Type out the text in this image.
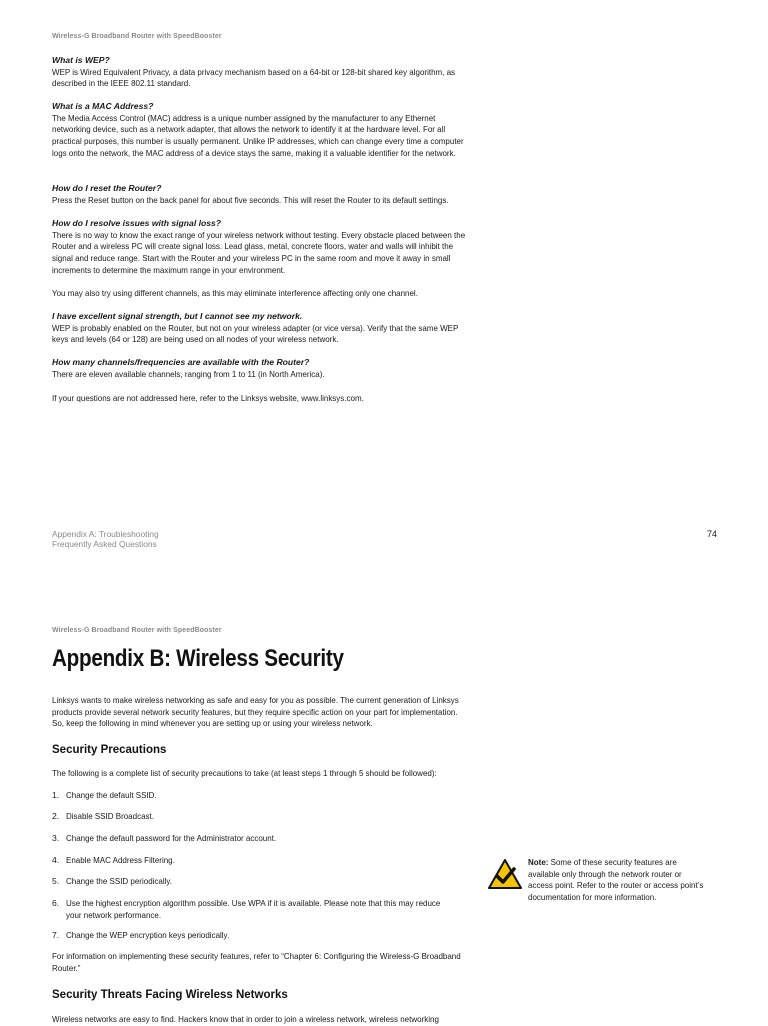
Wireless-G Broadband Router with SpeedBooster

What is WEP?

WEP is Wired Equivalent Privacy, a data privacy mechanism based on a 64-bit or 128-bit shared key algorithm, as described in the IEEE 802.11 standard.

What is a MAC Address?

The Media Access Control (MAC) address is a unique number assigned by the manufacturer to any Ethernet networking device, such as a network adapter, that allows the network to identify it at the hardware level. For all practical purposes, this number is usually permanent. Unlike IP addresses, which can change every time a computer logs onto the network, the MAC address of a device stays the same, making it a valuable identifier for the network.

How do I reset the Router?

Press the Reset button on the back panel for about five seconds. This will reset the Router to its default settings.

How do I resolve issues with signal loss?

There is no way to know the exact range of your wireless network without testing. Every obstacle placed between the Router and a wireless PC will create signal loss. Lead glass, metal, concrete floors, water and walls will inhibit the signal and reduce range. Start with the Router and your wireless PC in the same room and move it away in small increments to determine the maximum range in your environment.

You may also try using different channels, as this may eliminate interference affecting only one channel.

I have excellent signal strength, but I cannot see my network.

WEP is probably enabled on the Router, but not on your wireless adapter (or vice versa). Verify that the same WEP keys and levels (64 or 128) are being used on all nodes of your wireless network.

How many channels/frequencies are available with the Router?

There are eleven available channels, ranging from 1 to 11 (in North America).

If your questions are not addressed here, refer to the Linksys website, www.linksys.com.

Appendix A: Troubleshooting
Frequently Asked Questions
74
Wireless-G Broadband Router with SpeedBooster
Appendix B: Wireless Security

Linksys wants to make wireless networking as safe and easy for you as possible. The current generation of Linksys products provide several network security features, but they require specific action on your part for implementation. So, keep the following in mind whenever you are setting up or using your wireless network.

Security Precautions

The following is a complete list of security precautions to take (at least steps 1 through 5 should be followed):

1. Change the default SSID.

2. Disable SSID Broadcast.

3. Change the default password for the Administrator account.

4. Enable MAC Address Filtering.

5. Change the SSID periodically.

6. Use the highest encryption algorithm possible. Use WPA if it is available. Please note that this may reduce your network performance.

7. Change the WEP encryption keys periodically.

For information on implementing these security features, refer to “Chapter 6: Configuring the Wireless-G Broadband Router.”

Security Threats Facing Wireless Networks

Wireless networks are easy to find. Hackers know that in order to join a wireless network, wireless networking

Note: Some of these security features are available only through the network router or access point. Refer to the router or access point’s documentation for more information.
